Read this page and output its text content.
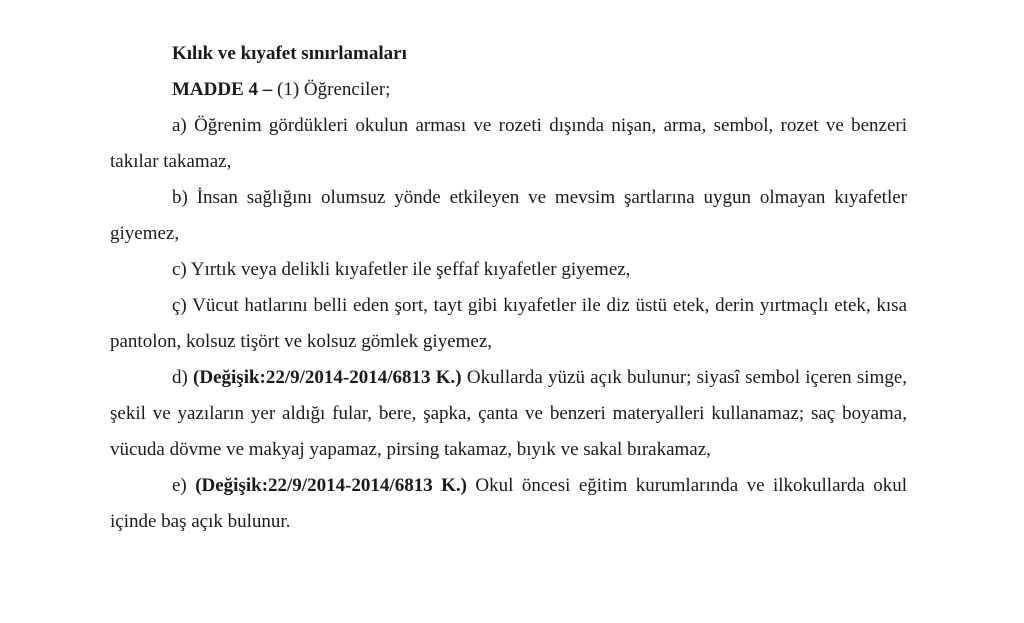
Kılık ve kıyafet sınırlamaları

MADDE 4 – (1) Öğrenciler;

a) Öğrenim gördükleri okulun arması ve rozeti dışında nişan, arma, sembol, rozet ve benzeri takılar takamaz,

b) İnsan sağlığını olumsuz yönde etkileyen ve mevsim şartlarına uygun olmayan kıyafetler giyemez,

c) Yırtık veya delikli kıyafetler ile şeffaf kıyafetler giyemez,

ç) Vücut hatlarını belli eden şort, tayt gibi kıyafetler ile diz üstü etek, derin yırtmaçlı etek, kısa pantolon, kolsuz tişört ve kolsuz gömlek giyemez,

d) (Değişik:22/9/2014-2014/6813 K.) Okullarda yüzü açık bulunur; siyasî sembol içeren simge, şekil ve yazıların yer aldığı fular, bere, şapka, çanta ve benzeri materyalleri kullanamaz; saç boyama, vücuda dövme ve makyaj yapamaz, pirsing takamaz, bıyık ve sakal bırakamaz,

e) (Değişik:22/9/2014-2014/6813 K.) Okul öncesi eğitim kurumlarında ve ilkokullarda okul içinde baş açık bulunur.
